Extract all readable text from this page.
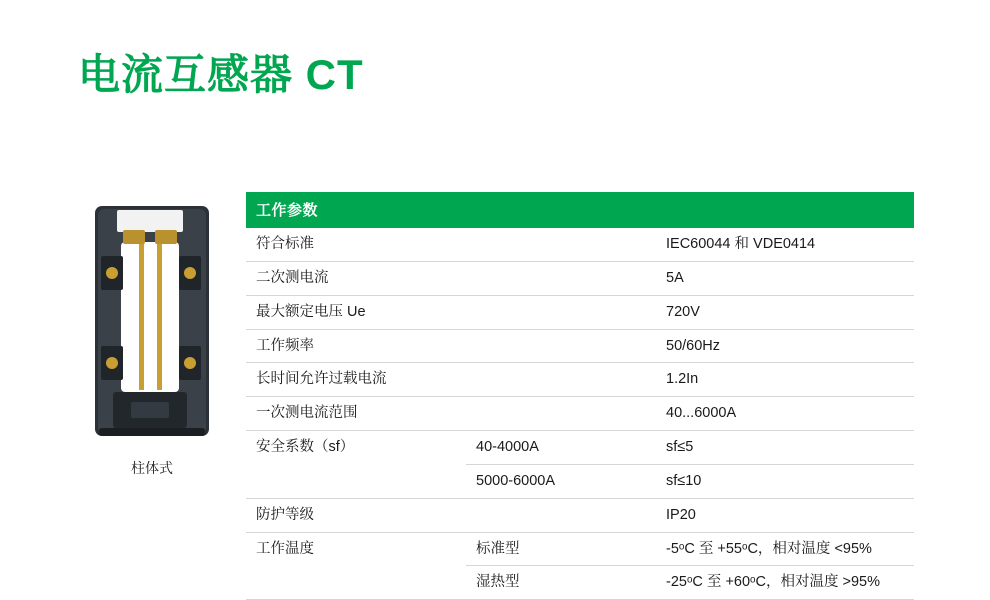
电流互感器 CT
柱体式
工作参数		
符合标准		IEC60044 和 VDE0414
二次测电流		5A
最大额定电压 Ue		720V
工作频率		50/60Hz
长时间允许过载电流		1.2In
一次测电流范围		40...6000A
安全系数（sf）	40-4000A	sf≤5
	5000-6000A	sf≤10
防护等级		IP20
工作温度	标准型	-5ᵒC 至 +55ᵒC，相对温度 <95%
	湿热型	-25ᵒC 至 +60ᵒC，相对温度 >95%
